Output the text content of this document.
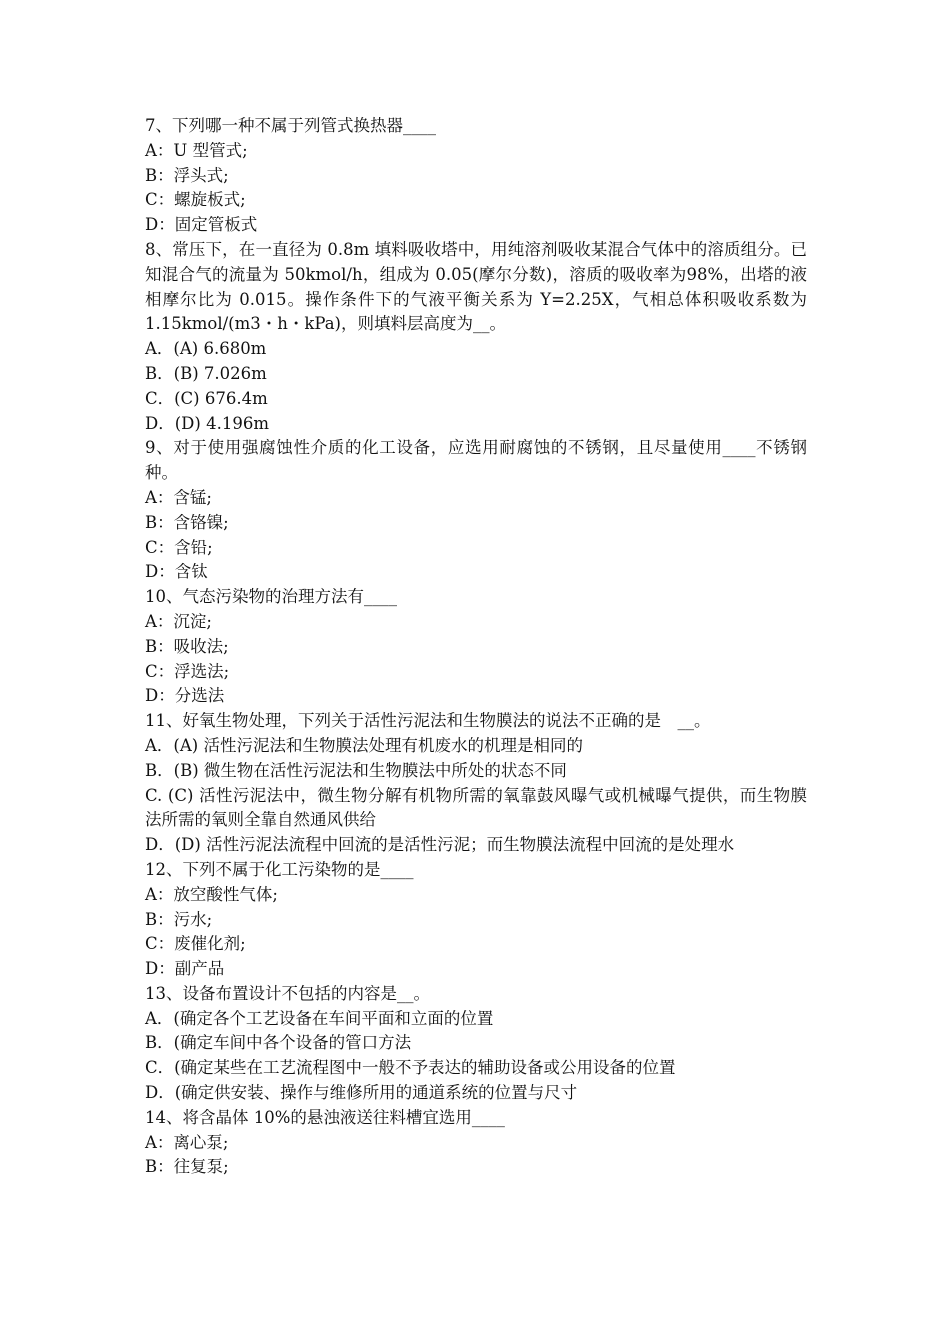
7、下列哪一种不属于列管式换热器____

A：U 型管式;

B：浮头式;

C：螺旋板式;

D：固定管板式

8、常压下，在一直径为 0.8m 填料吸收塔中，用纯溶剂吸收某混合气体中的溶质组分。已知混合气的流量为 50kmol/h，组成为 0.05(摩尔分数)，溶质的吸收率为98%，出塔的液相摩尔比为 0.015。操作条件下的气液平衡关系为 Y=2.25X，气相总体积吸收系数为 1.15kmol/(m3・h・kPa)，则填料层高度为__。

A．(A) 6.680m

B．(B) 7.026m

C．(C) 676.4m

D．(D) 4.196m

9、对于使用强腐蚀性介质的化工设备，应选用耐腐蚀的不锈钢，且尽量使用____不锈钢种。

A：含锰;

B：含铬镍;

C：含铅;

D：含钛

10、气态污染物的治理方法有____

A：沉淀;

B：吸收法;

C：浮选法;

D：分选法

11、好氧生物处理，下列关于活性污泥法和生物膜法的说法不正确的是　__。

A．(A) 活性污泥法和生物膜法处理有机废水的机理是相同的

B．(B) 微生物在活性污泥法和生物膜法中所处的状态不同

C. (C) 活性污泥法中，微生物分解有机物所需的氧靠鼓风曝气或机械曝气提供，而生物膜法所需的氧则全靠自然通风供给

D．(D) 活性污泥法流程中回流的是活性污泥；而生物膜法流程中回流的是处理水

12、下列不属于化工污染物的是____

A：放空酸性气体;

B：污水;

C：废催化剂;

D：副产品

13、设备布置设计不包括的内容是__。

A．(确定各个工艺设备在车间平面和立面的位置

B．(确定车间中各个设备的管口方法

C．(确定某些在工艺流程图中一般不予表达的辅助设备或公用设备的位置

D．(确定供安装、操作与维修所用的通道系统的位置与尺寸

14、将含晶体 10%的悬浊液送往料槽宜选用____

A：离心泵;

B：往复泵;
